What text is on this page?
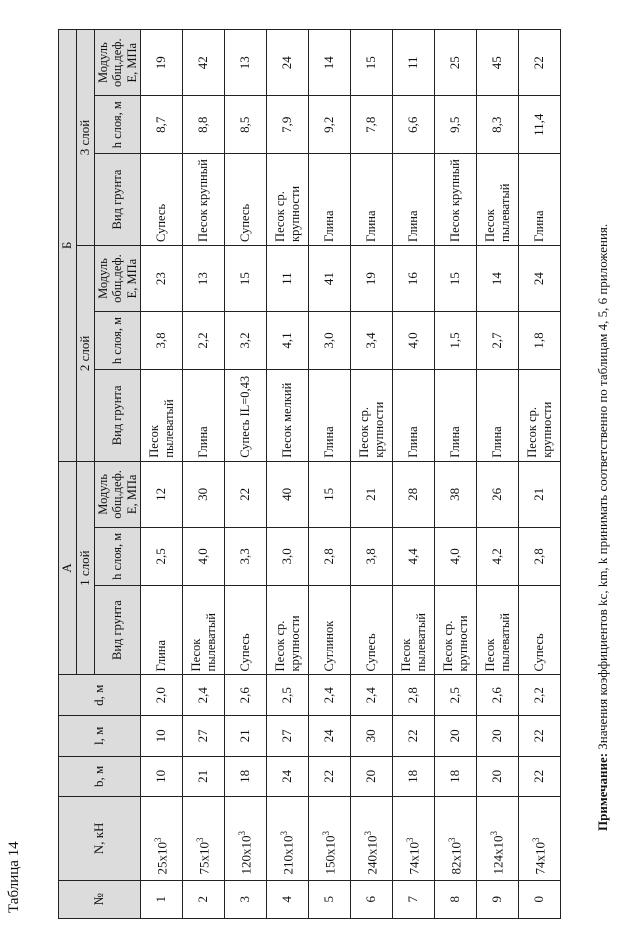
Таблица 14	№	N, кН	b, м	l, м	d, м	А			Б					
					1 слой			2 слой			3 слой		
					Вид грунта	h слоя, м	Модуль общ.деф. Е, МПа	Вид грунта	h слоя, м	Модуль общ.деф. Е, МПа	Вид грунта	h слоя, м	Модуль общ.деф. Е, МПа
1	$25x10^3$	10	10	2,0	Глина	2,5	12	Песок пылеватый	3,8	23	Супесь	8,7	19
2	$75x10^3$	21	27	2,4	Песок пылеватый	4,0	30	Глина	2,2	13	Песок крупный	8,8	42
3	$120x10^3$	18	21	2,6	Супесь	3,3	22	Супесь IL=0,43	3,2	15	Супесь	8,5	13
4	$210x10^3$	24	27	2,5	Песок ср. крупности	3,0	40	Песок мелкий	4,1	11	Песок ср. крупности	7,9	24
5	$150x10^3$	22	24	2,4	Суглинок	2,8	15	Глина	3,0	41	Глина	9,2	14
6	$240x10^3$	20	30	2,4	Супесь	3,8	21	Песок ср. крупности	3,4	19	Глина	7,8	15
7	$74x10^3$	18	22	2,8	Песок пылеватый	4,4	28	Глина	4,0	16	Глина	6,6	11
8	$82x10^3$	18	20	2,5	Песок ср. крупности	4,0	38	Глина	1,5	15	Песок крупный	9,5	25
9	$124x10^3$	20	20	2,6	Песок пылеватый	4,2	26	Глина	2,7	14	Песок пылеватый	8,3	45
0	$74x10^3$	22	22	2,2	Супесь	2,8	21	Песок ср. крупности	1,8	24	Глина	11,4	22
Примечание: Значения коэффициентов kc, km, k принимать соответственно по таблицам 4, 5, 6 приложения.
